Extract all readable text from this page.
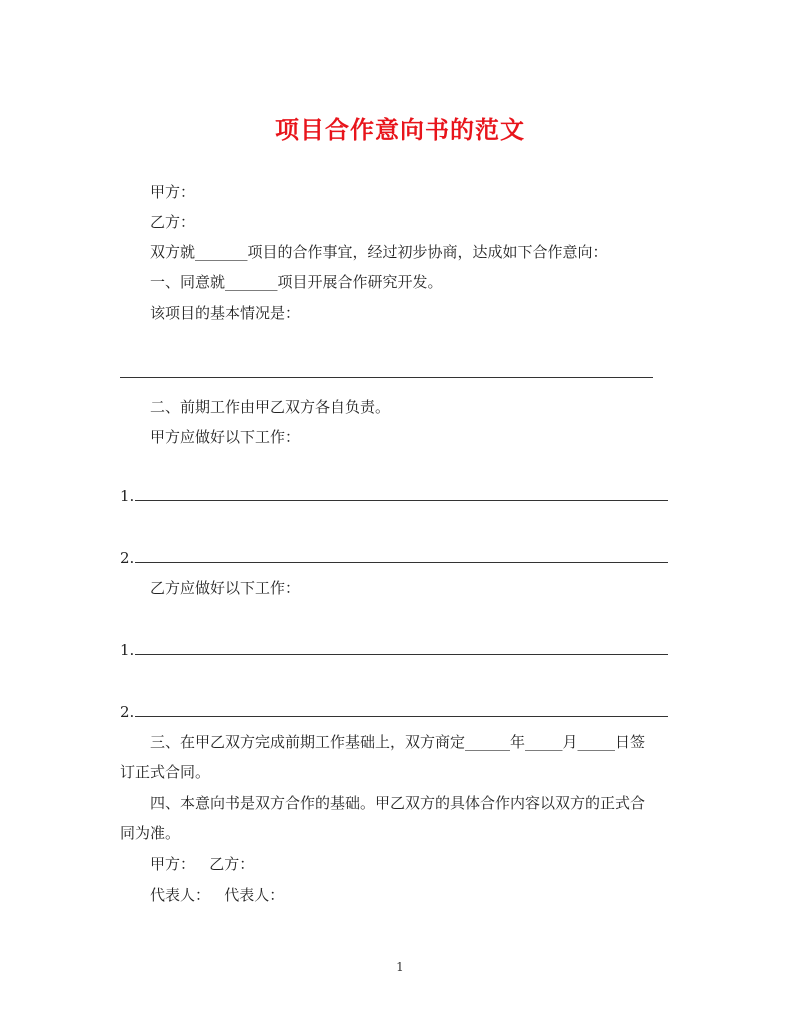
项目合作意向书的范文
甲方：
乙方：
双方就_______项目的合作事宜，经过初步协商，达成如下合作意向：
一、同意就_______项目开展合作研究开发。
该项目的基本情况是：
二、前期工作由甲乙双方各自负责。
甲方应做好以下工作：
1.
2.
乙方应做好以下工作：
1.
2.
三、在甲乙双方完成前期工作基础上，双方商定______年_____月_____日签
订正式合同。
四、本意向书是双方合作的基础。甲乙双方的具体合作内容以双方的正式合
同为准。
甲方：   乙方：
代表人：   代表人：
1
